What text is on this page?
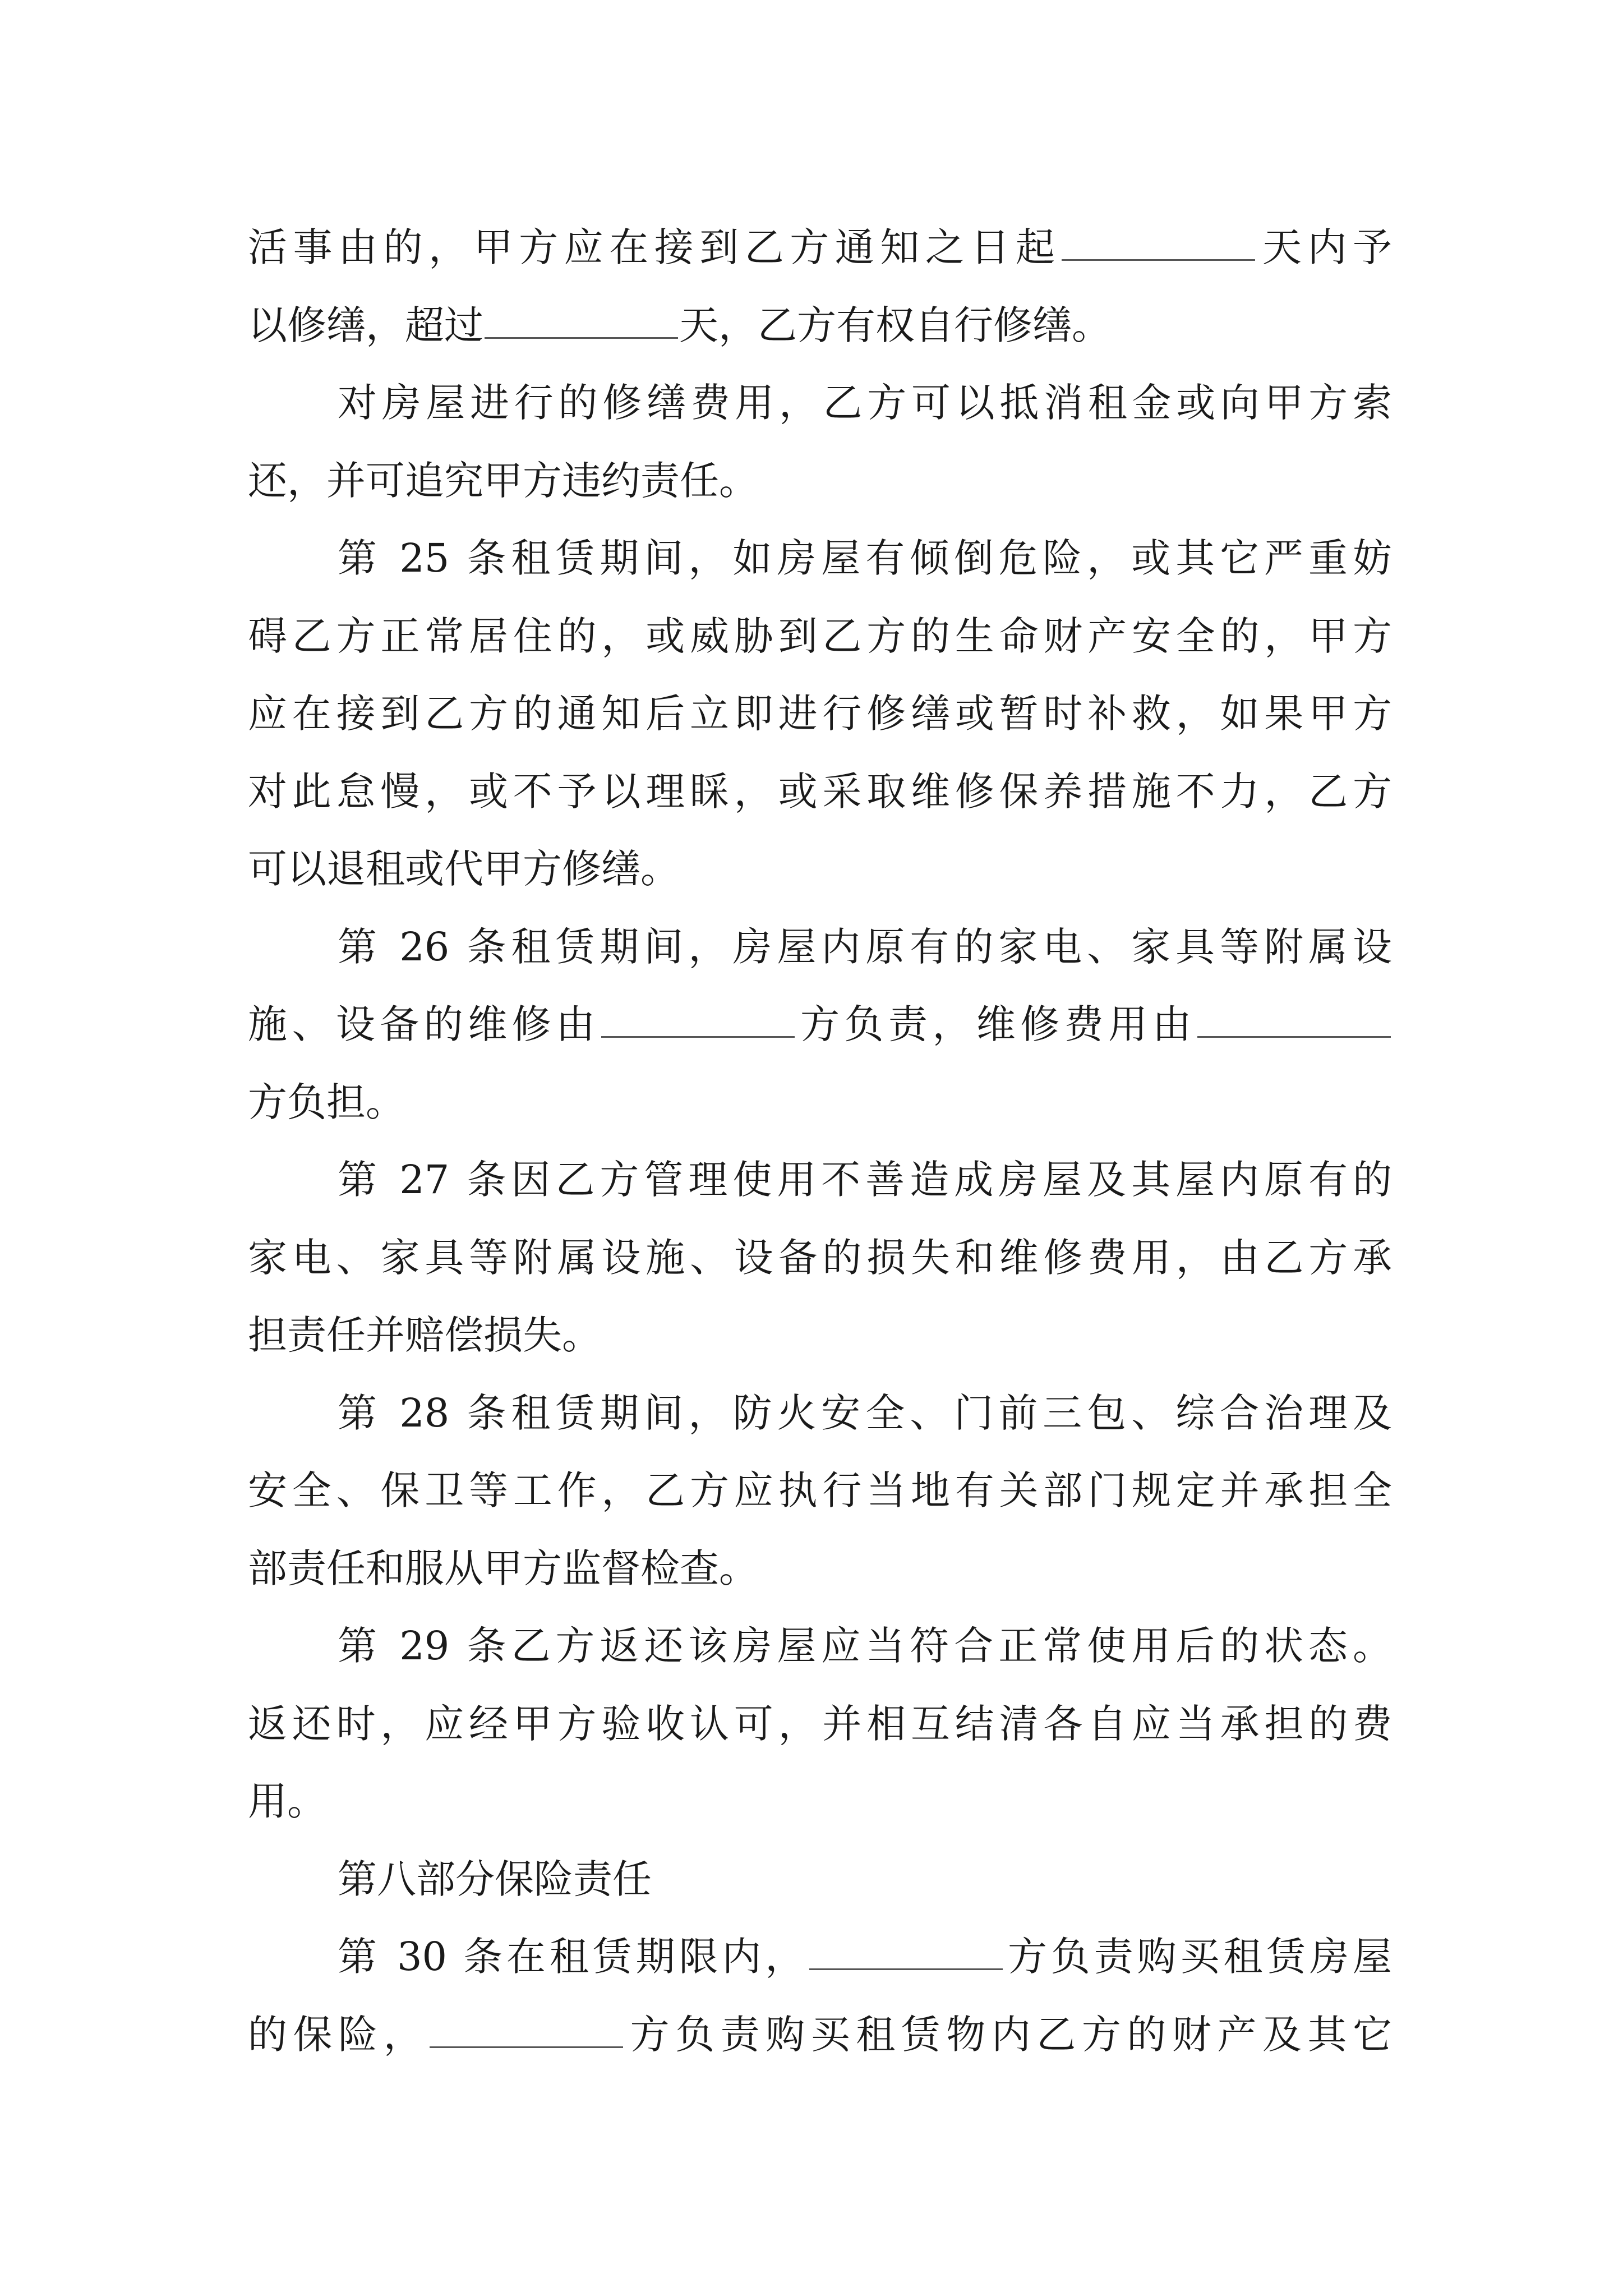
活事由的，甲方应在接到乙方通知之日起	天内予
以修缮，超过	天，乙方有权自行修缮。
对房屋进行的修缮费用，乙方可以抵消租金或向甲方索
还，并可追究甲方违约责任。
第 25 条租赁期间，如房屋有倾倒危险，或其它严重妨
碍乙方正常居住的，或威胁到乙方的生命财产安全的，甲方
应在接到乙方的通知后立即进行修缮或暂时补救，如果甲方
对此怠慢，或不予以理睬，或采取维修保养措施不力，乙方
可以退租或代甲方修缮。
第 26 条租赁期间，房屋内原有的家电、家具等附属设
施、设备的维修由	方负责，维修费用由
方负担。
第 27 条因乙方管理使用不善造成房屋及其屋内原有的
家电、家具等附属设施、设备的损失和维修费用，由乙方承
担责任并赔偿损失。
第 28 条租赁期间，防火安全、门前三包、综合治理及
安全、保卫等工作，乙方应执行当地有关部门规定并承担全
部责任和服从甲方监督检查。
第 29 条乙方返还该房屋应当符合正常使用后的状态。
返还时，应经甲方验收认可，并相互结清各自应当承担的费
用。
第八部分保险责任
第 30 条在租赁期限内，	方负责购买租赁房屋
的保险，	方负责购买租赁物内乙方的财产及其它
